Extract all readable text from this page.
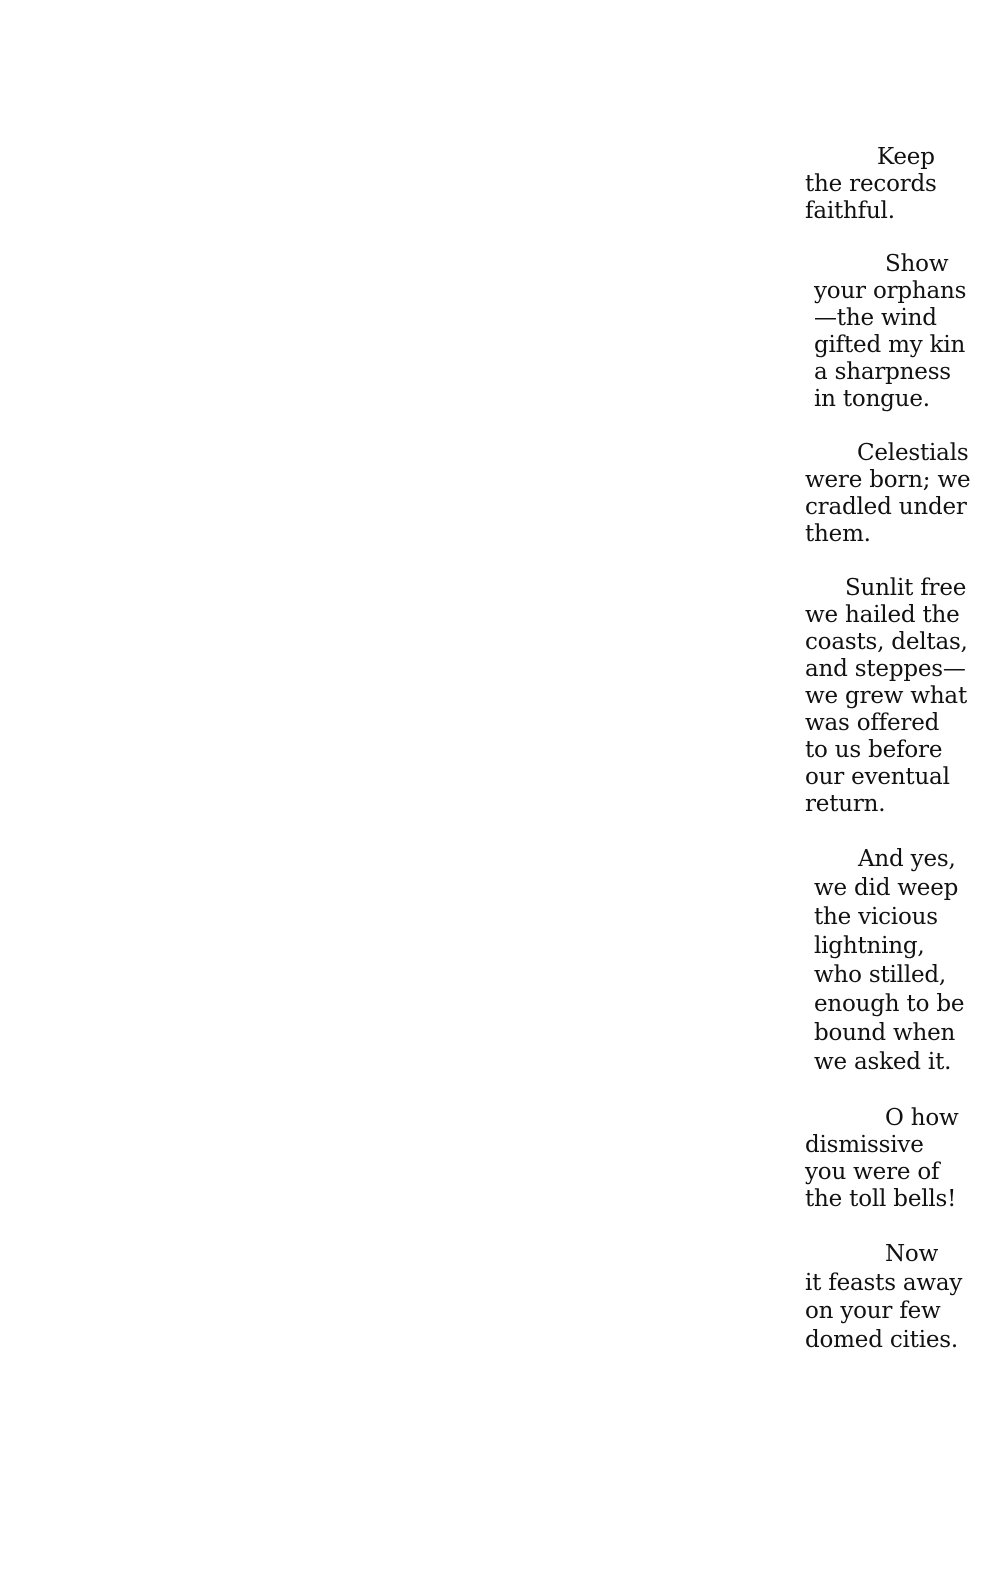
Keep
the records
faithful.
Show
your orphans
—the wind
gifted my kin
a sharpness
in tongue.
Celestials
were born; we
cradled under
them.
Sunlit free
we hailed the
coasts, deltas,
and steppes—
we grew what
was offered
to us before
our eventual
return.
And yes,
we did weep
the vicious
lightning,
who stilled,
enough to be
bound when
we asked it.
O how
dismissive
you were of
the toll bells!
Now
it feasts away
on your few
domed cities.
